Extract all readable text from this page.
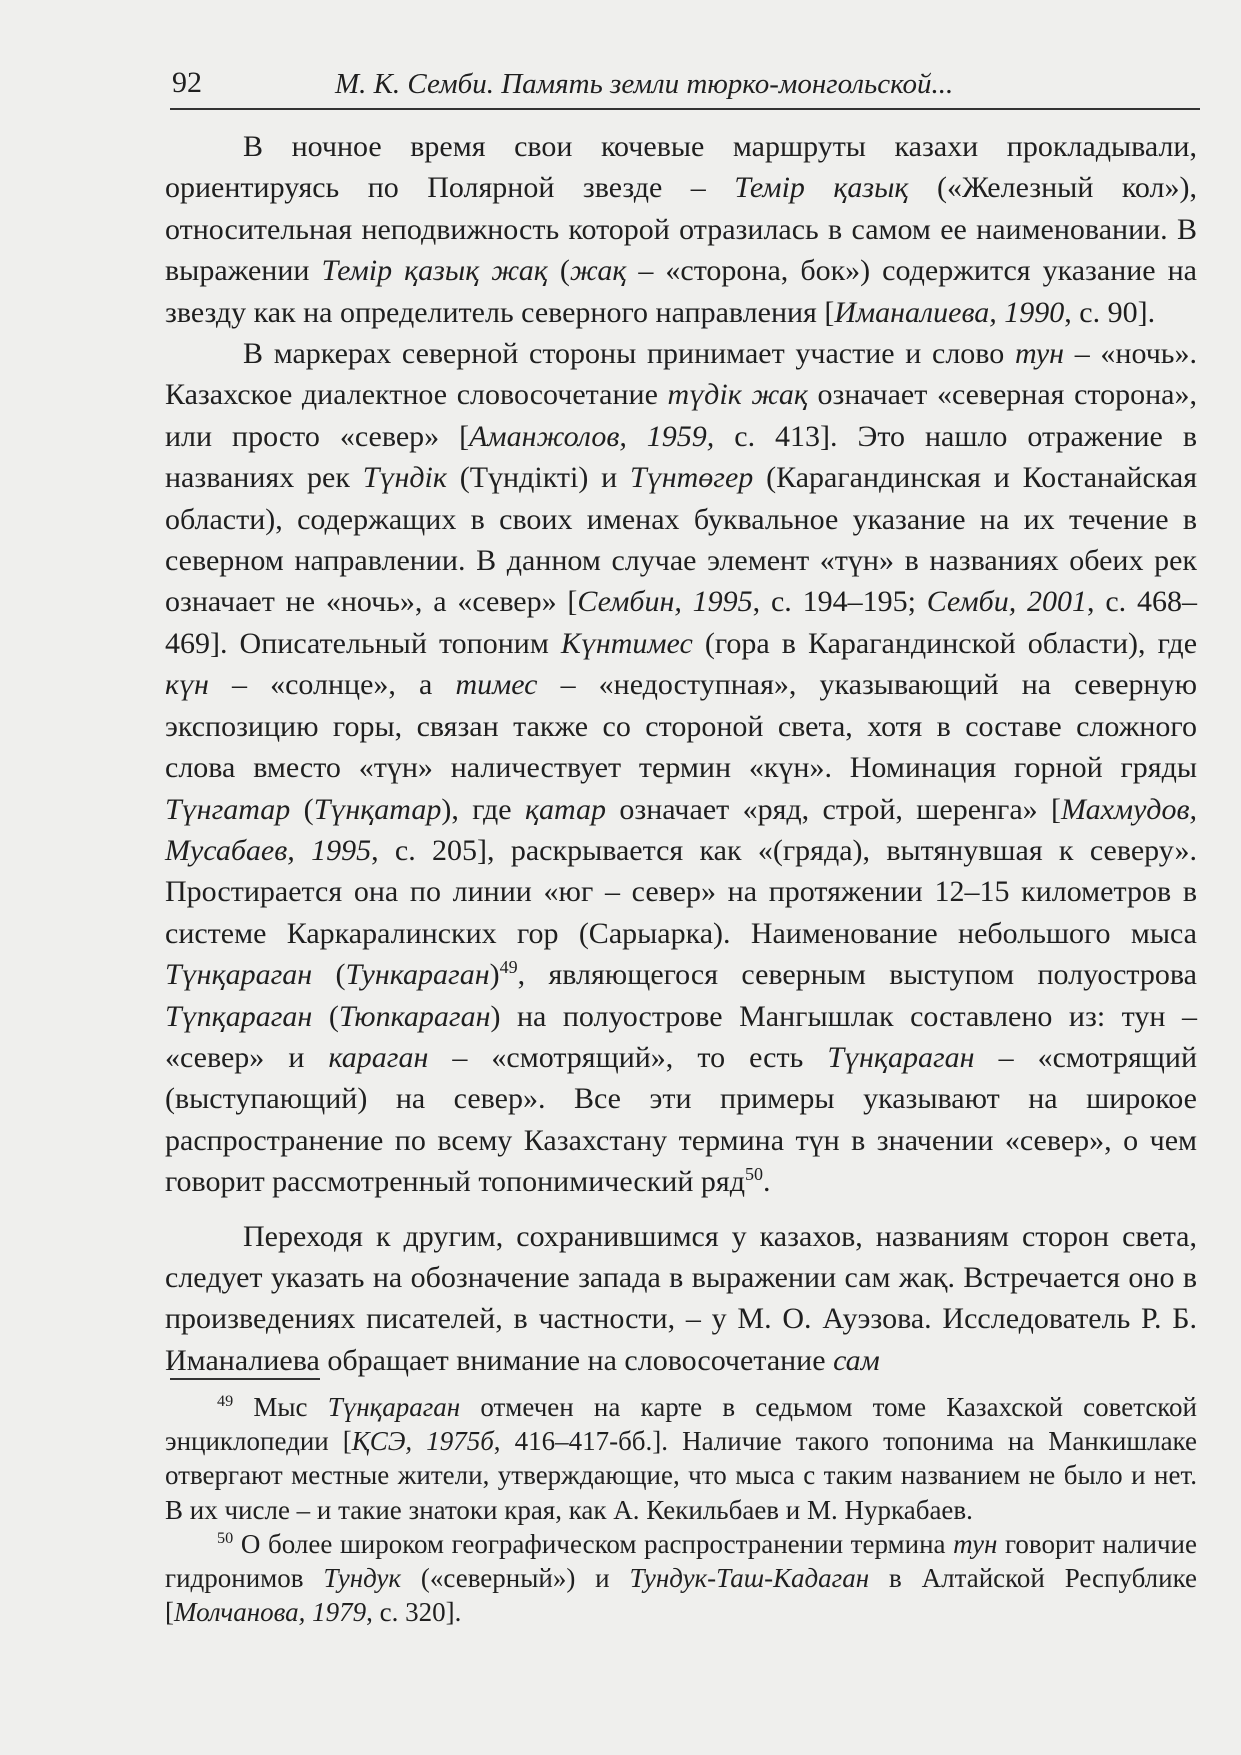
92	М. К. Семби. Память земли тюрко-монгольской...

В ночное время свои кочевые маршруты казахи прокладывали, ориентируясь по Полярной звезде – Темір қазық («Железный кол»), относительная неподвижность которой отразилась в самом ее наименовании. В выражении Темір қазық жақ (жақ – «сторона, бок») содержится указание на звезду как на определитель северного направления [Иманалиева, 1990, с. 90].

В маркерах северной стороны принимает участие и слово тун – «ночь». Казахское диалектное словосочетание түдік жақ означает «северная сторона», или просто «север» [Аманжолов, 1959, с. 413]. Это нашло отражение в названиях рек Түндік (Түндікті) и Түнтөгер (Карагандинская и Костанайская области), содержащих в своих именах буквальное указание на их течение в северном направлении. В данном случае элемент «түн» в названиях обеих рек означает не «ночь», а «север» [Сембин, 1995, с. 194–195; Семби, 2001, с. 468–469]. Описательный топоним Күнтимес (гора в Карагандинской области), где күн – «солнце», а тимес – «недоступная», указывающий на северную экспозицию горы, связан также со стороной света, хотя в составе сложного слова вместо «түн» наличествует термин «күн». Номинация горной гряды Түнгатар (Түнқатар), где қатар означает «ряд, строй, шеренга» [Махмудов, Мусабаев, 1995, с. 205], раскрывается как «(гряда), вытянувшая к северу». Простирается она по линии «юг – север» на протяжении 12–15 километров в системе Каркаралинских гор (Сарыарка). Наименование небольшого мыса Түнқараган (Тункараган)$^{49}$, являющегося северным выступом полуострова Түпқараган (Тюпкараган) на полуострове Мангышлак составлено из: тун – «север» и караган – «смотрящий», то есть Түнқараган – «смотрящий (выступающий) на север». Все эти примеры указывают на широкое распространение по всему Казахстану термина түн в значении «север», о чем говорит рассмотренный топонимический ряд$^{50}$.

Переходя к другим, сохранившимся у казахов, названиям сторон света, следует указать на обозначение запада в выражении сам жақ. Встречается оно в произведениях писателей, в частности, – у М. О. Ауэзова. Исследователь Р. Б. Иманалиева обращает внимание на словосочетание сам

$^{49}$ Мыс Түнқараган отмечен на карте в седьмом томе Казахской советской энциклопедии [ҚСЭ, 1975б, 416–417-бб.]. Наличие такого топонима на Манкишлаке отвергают местные жители, утверждающие, что мыса с таким названием не было и нет. В их числе – и такие знатоки края, как А. Кекильбаев и М. Нуркабаев.

$^{50}$ О более широком географическом распространении термина тун говорит наличие гидронимов Тундук («северный») и Тундук-Таш-Кадаган в Алтайской Республике [Молчанова, 1979, с. 320].
